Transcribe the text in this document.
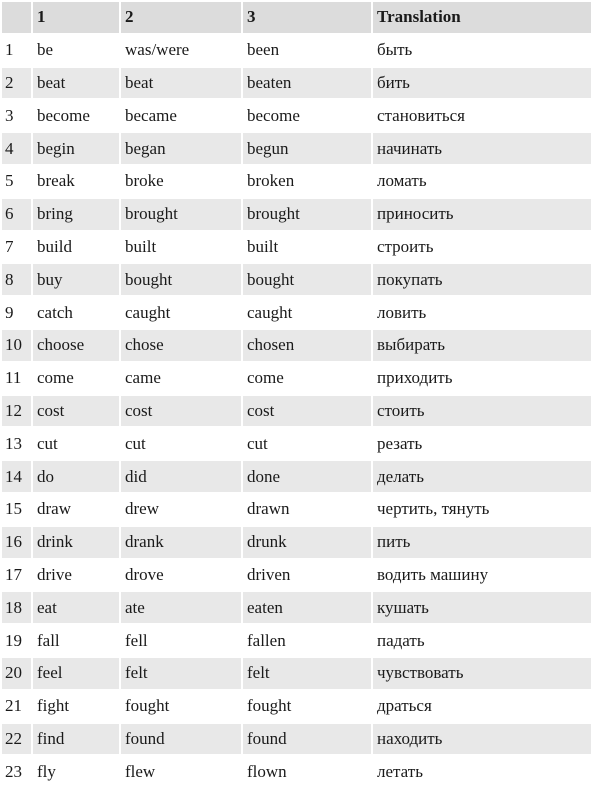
	1	2	3	Translation
1	be	was/were	been	быть
2	beat	beat	beaten	бить
3	become	became	become	становиться
4	begin	began	begun	начинать
5	break	broke	broken	ломать
6	bring	brought	brought	приносить
7	build	built	built	строить
8	buy	bought	bought	покупать
9	catch	caught	caught	ловить
10	choose	chose	chosen	выбирать
11	come	came	come	приходить
12	cost	cost	cost	стоить
13	cut	cut	cut	резать
14	do	did	done	делать
15	draw	drew	drawn	чертить, тянуть
16	drink	drank	drunk	пить
17	drive	drove	driven	водить машину
18	eat	ate	eaten	кушать
19	fall	fell	fallen	падать
20	feel	felt	felt	чувствовать
21	fight	fought	fought	драться
22	find	found	found	находить
23	fly	flew	flown	летать
